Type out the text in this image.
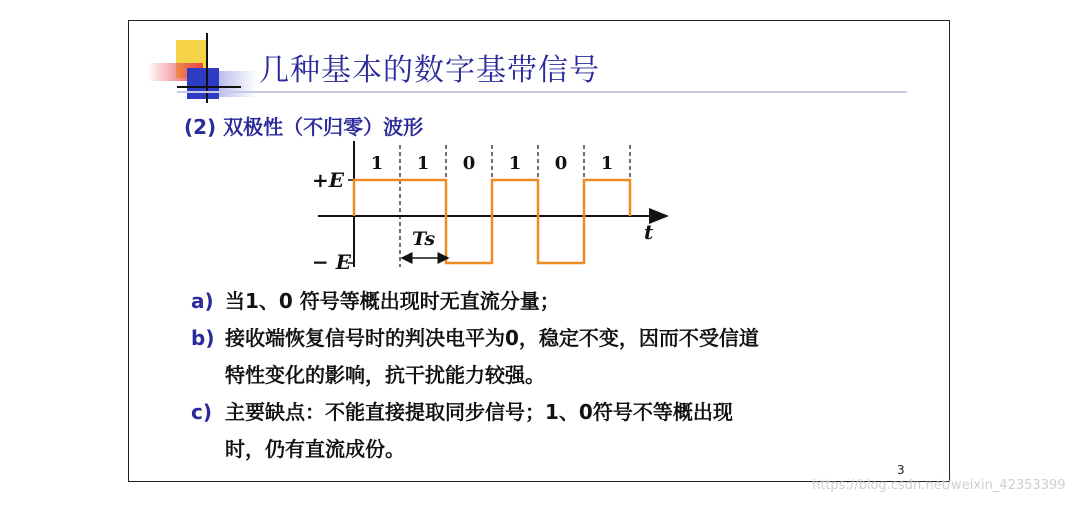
几种基本的数字基带信号
(2) 双极性（不归零）波形
1 1 0 1 0 1
Ts	t
+E
− E
a) 当1、0 符号等概出现时无直流分量；
b) 接收端恢复信号时的判决电平为0，稳定不变，因而不受信道
特性变化的影响，抗干扰能力较强。
c) 主要缺点：不能直接提取同步信号；1、0符号不等概出现
时，仍有直流成份。
3
https://blog.csdn.net/weixin_42353399
